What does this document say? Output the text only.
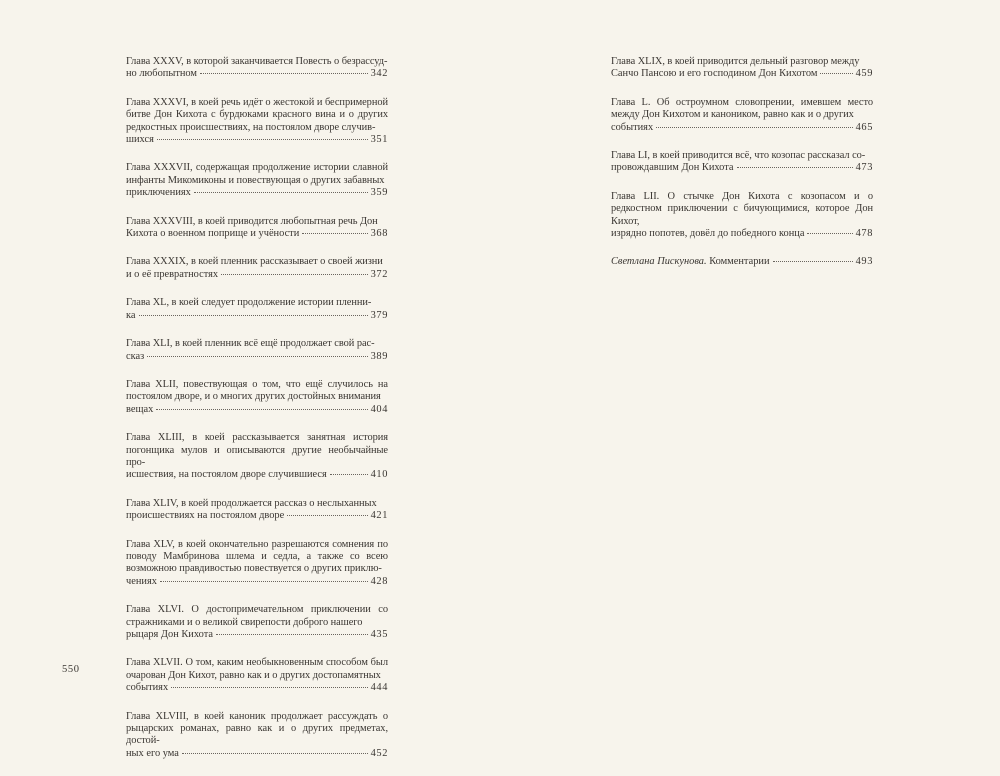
Глава XXXV, в которой заканчивается Повесть о безрассуд-
но любопытном	342
Глава XXXVI, в коей речь идёт о жестокой и беспримерной битве Дон Кихота с бурдюками красного вина и о других редкостных происшествиях, на постоялом дворе случив-
шихся	351
Глава XXXVII, содержащая продолжение истории славной инфанты Микомиконы и повествующая о других забавных
приключениях	359
Глава XXXVIII, в коей приводится любопытная речь Дон
Кихота о военном поприще и учёности	368
Глава XXXIX, в коей пленник рассказывает о своей жизни
и о её превратностях	372
Глава XL, в коей следует продолжение истории пленни-
ка	379
Глава XLI, в коей пленник всё ещё продолжает свой рас-
сказ	389
Глава XLII, повествующая о том, что ещё случилось на постоялом дворе, и о многих других достойных внимания
вещах	404
Глава XLIII, в коей рассказывается занятная история погонщика мулов и описываются другие необычайные про-
исшествия, на постоялом дворе случившиеся	410
Глава XLIV, в коей продолжается рассказ о неслыханных
происшествиях на постоялом дворе	421
Глава XLV, в коей окончательно разрешаются сомнения по поводу Мамбринова шлема и седла, а также со всею возможною правдивостью повествуется о других приклю-
чениях	428
Глава XLVI. О достопримечательном приключении со стражниками и о великой свирепости доброго нашего
рыцаря Дон Кихота	435
Глава XLVII. О том, каким необыкновенным способом был очарован Дон Кихот, равно как и о других достопамятных
событиях	444
Глава XLVIII, в коей каноник продолжает рассуждать о рыцарских романах, равно как и о других предметах, достой-
ных его ума	452
Глава XLIX, в коей приводится дельный разговор между
Санчо Пансою и его господином Дон Кихотом	459
Глава L. Об остроумном словопрении, имевшем место между Дон Кихотом и каноником, равно как и о других
событиях	465
Глава LI, в коей приводится всё, что козопас рассказал со-
провождавшим Дон Кихота	473
Глава LII. О стычке Дон Кихота с козопасом и о редкостном приключении с бичующимися, которое Дон Кихот,
изрядно попотев, довёл до победного конца	478
Светлана Пискунова. Комментарии	493
550
